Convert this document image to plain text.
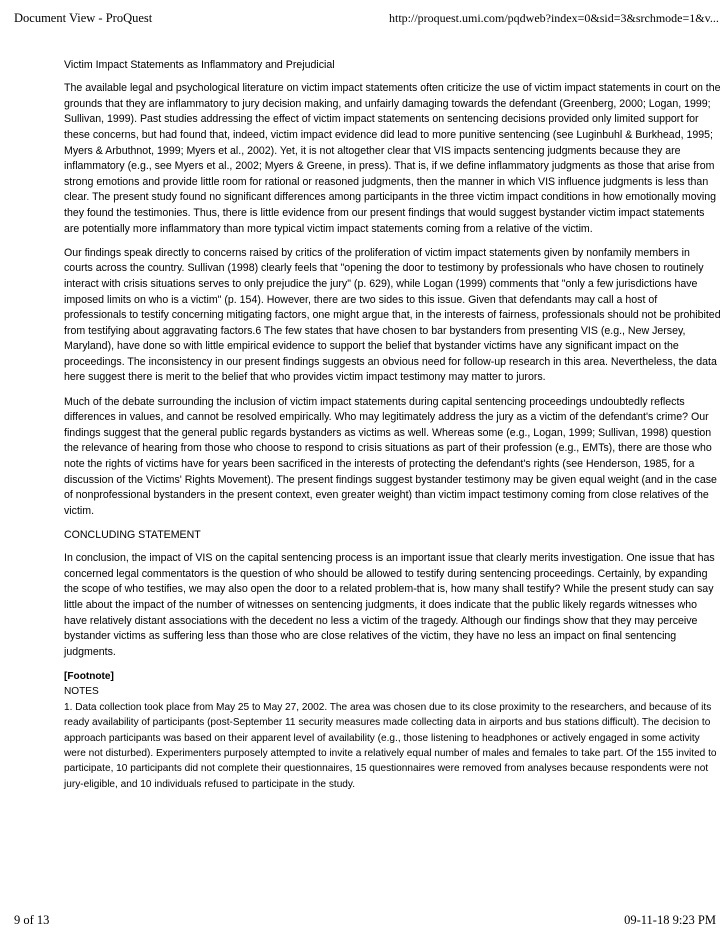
Document View - ProQuest	http://proquest.umi.com/pqdweb?index=0&sid=3&srchmode=1&v...

Victim Impact Statements as Inflammatory and Prejudicial

The available legal and psychological literature on victim impact statements often criticize the use of victim impact statements in court on the grounds that they are inflammatory to jury decision making, and unfairly damaging towards the defendant (Greenberg, 2000; Logan, 1999; Sullivan, 1999). Past studies addressing the effect of victim impact statements on sentencing decisions provided only limited support for these concerns, but had found that, indeed, victim impact evidence did lead to more punitive sentencing (see Luginbuhl & Burkhead, 1995; Myers & Arbuthnot, 1999; Myers et al., 2002). Yet, it is not altogether clear that VIS impacts sentencing judgments because they are inflammatory (e.g., see Myers et al., 2002; Myers & Greene, in press). That is, if we define inflammatory judgments as those that arise from strong emotions and provide little room for rational or reasoned judgments, then the manner in which VIS influence judgments is less than clear. The present study found no significant differences among participants in the three victim impact conditions in how emotionally moving they found the testimonies. Thus, there is little evidence from our present findings that would suggest bystander victim impact statements are potentially more inflammatory than more typical victim impact statements coming from a relative of the victim.

Our findings speak directly to concerns raised by critics of the proliferation of victim impact statements given by nonfamily members in courts across the country. Sullivan (1998) clearly feels that "opening the door to testimony by professionals who have chosen to routinely interact with crisis situations serves to only prejudice the jury" (p. 629), while Logan (1999) comments that "only a few jurisdictions have imposed limits on who is a victim" (p. 154). However, there are two sides to this issue. Given that defendants may call a host of professionals to testify concerning mitigating factors, one might argue that, in the interests of fairness, professionals should not be prohibited from testifying about aggravating factors.6 The few states that have chosen to bar bystanders from presenting VIS (e.g., New Jersey, Maryland), have done so with little empirical evidence to support the belief that bystander victims have any significant impact on the proceedings. The inconsistency in our present findings suggests an obvious need for follow-up research in this area. Nevertheless, the data here suggest there is merit to the belief that who provides victim impact testimony may matter to jurors.

Much of the debate surrounding the inclusion of victim impact statements during capital sentencing proceedings undoubtedly reflects differences in values, and cannot be resolved empirically. Who may legitimately address the jury as a victim of the defendant's crime? Our findings suggest that the general public regards bystanders as victims as well. Whereas some (e.g., Logan, 1999; Sullivan, 1998) question the relevance of hearing from those who choose to respond to crisis situations as part of their profession (e.g., EMTs), there are those who note the rights of victims have for years been sacrificed in the interests of protecting the defendant's rights (see Henderson, 1985, for a discussion of the Victims' Rights Movement). The present findings suggest bystander testimony may be given equal weight (and in the case of nonprofessional bystanders in the present context, even greater weight) than victim impact testimony coming from close relatives of the victim.

CONCLUDING STATEMENT

In conclusion, the impact of VIS on the capital sentencing process is an important issue that clearly merits investigation. One issue that has concerned legal commentators is the question of who should be allowed to testify during sentencing proceedings. Certainly, by expanding the scope of who testifies, we may also open the door to a related problem-that is, how many shall testify? While the present study can say little about the impact of the number of witnesses on sentencing judgments, it does indicate that the public likely regards witnesses who have relatively distant associations with the decedent no less a victim of the tragedy. Although our findings show that they may perceive bystander victims as suffering less than those who are close relatives of the victim, they have no less an impact on final sentencing judgments.

[Footnote]
NOTES
1. Data collection took place from May 25 to May 27, 2002. The area was chosen due to its close proximity to the researchers, and because of its ready availability of participants (post-September 11 security measures made collecting data in airports and bus stations difficult). The decision to approach participants was based on their apparent level of availability (e.g., those listening to headphones or actively engaged in some activity were not disturbed). Experimenters purposely attempted to invite a relatively equal number of males and females to take part. Of the 155 invited to participate, 10 participants did not complete their questionnaires, 15 questionnaires were removed from analyses because respondents were not jury-eligible, and 10 individuals refused to participate in the study.
9 of 13	09-11-18 9:23 PM
